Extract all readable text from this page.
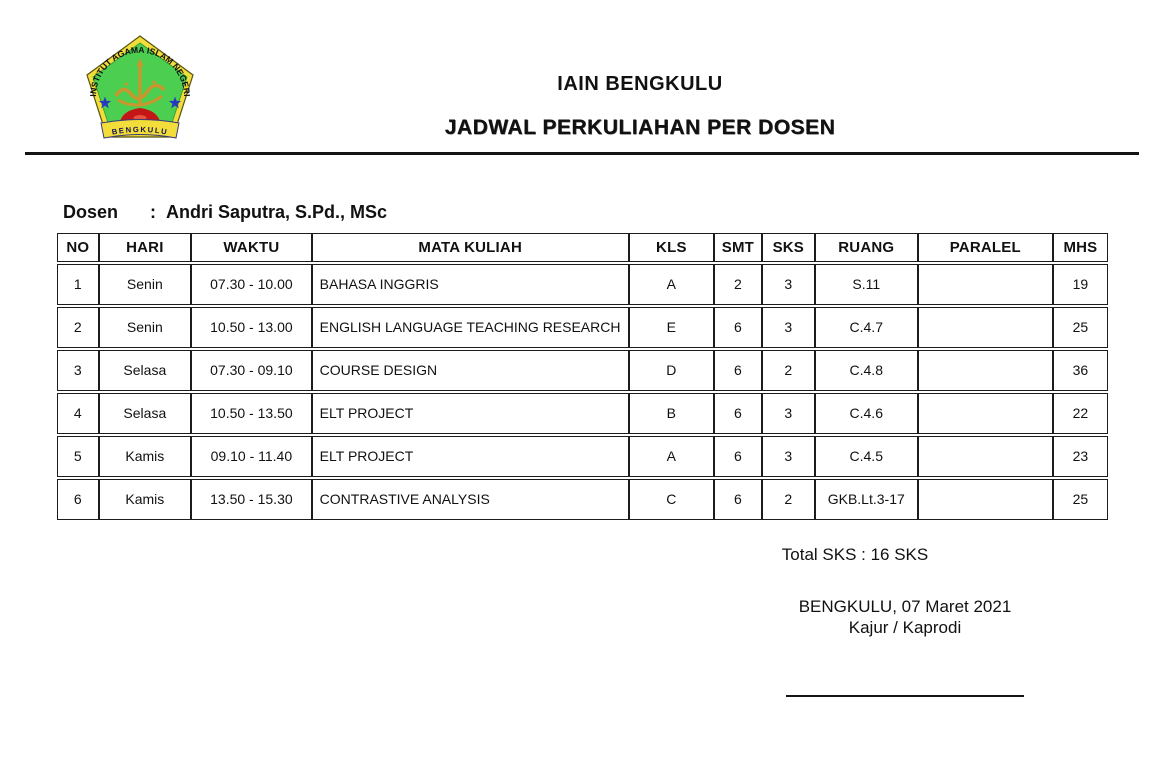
INSTITUT AGAMA ISLAM NEGERI
BENGKULU
IAIN BENGKULU
JADWAL PERKULIAHAN PER DOSEN
Dosen : Andri Saputra, S.Pd., MSc
NO	HARI	WAKTU	MATA KULIAH	KLS	SMT	SKS	RUANG	PARALEL	MHS
1	Senin	07.30 - 10.00	BAHASA INGGRIS	A	2	3	S.11		19
2	Senin	10.50 - 13.00	ENGLISH LANGUAGE TEACHING RESEARCH	E	6	3	C.4.7		25
3	Selasa	07.30 - 09.10	COURSE DESIGN	D	6	2	C.4.8		36
4	Selasa	10.50 - 13.50	ELT PROJECT	B	6	3	C.4.6		22
5	Kamis	09.10 - 11.40	ELT PROJECT	A	6	3	C.4.5		23
6	Kamis	13.50 - 15.30	CONTRASTIVE ANALYSIS	C	6	2	GKB.Lt.3-17		25
Total SKS : 16 SKS
BENGKULU, 07 Maret 2021
Kajur / Kaprodi
